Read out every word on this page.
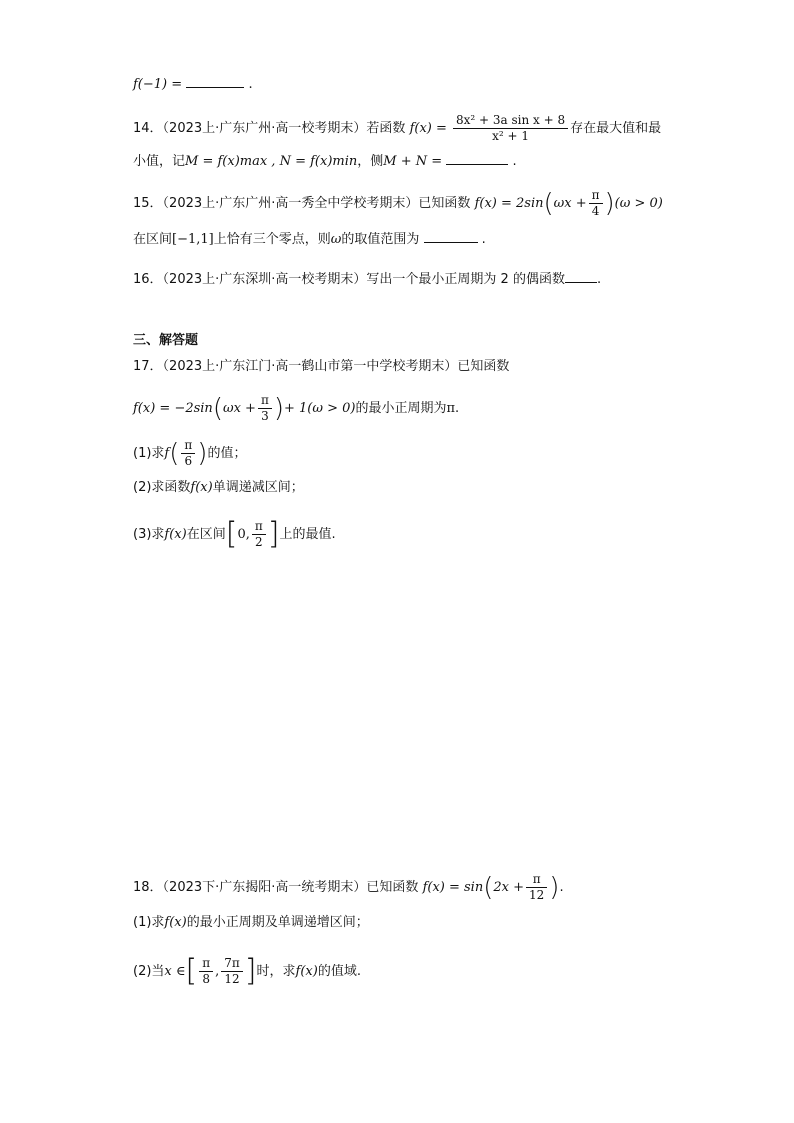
f(−1) =	.
14．（2023上·广东广州·高一校考期末）若函数 $f(x) = \frac{\text{8x² + 3a sin x + 8}}{\text{x² + 1}}$ 存在最大值和最
小值，记M = f(x)max , N = f(x)min，侧M + N =	.
15．（2023上·广东广州·高一秀全中学校考期末）已知函数 $f(x) = 2\sin(\omega x + \frac{\pi}{4} )(\omega > 0)$
在区间[−1,1]上恰有三个零点，则ω的取值范围为	.
16．（2023上·广东深圳·高一校考期末）写出一个最小正周期为 2 的偶函数 .
三、解答题
17．（2023上·广东江门·高一鹤山市第一中学校考期末）已知函数
$f(x) = -2\sin(\omega x + \frac{\pi}{3}$ )+ 1(ω > 0)的最小正周期为π.
(1)求$f( \frac{\pi}{6}$ )的值；
(2)求函数f(x)单调递减区间；
(3)求f(x)在区间[0, $\frac{\pi}{2}$ ]上的最值.
18．（2023下·广东揭阳·高一统考期末）已知函数 $f(x) = \sin(2x + \frac{\pi}{12}$ ).
(1)求f(x)的最小正周期及单调递增区间；
(2)当x ∈[ $\frac{\pi}{8}$ , $\frac{7\pi}{12}$ ]时，求f(x)的值域.
